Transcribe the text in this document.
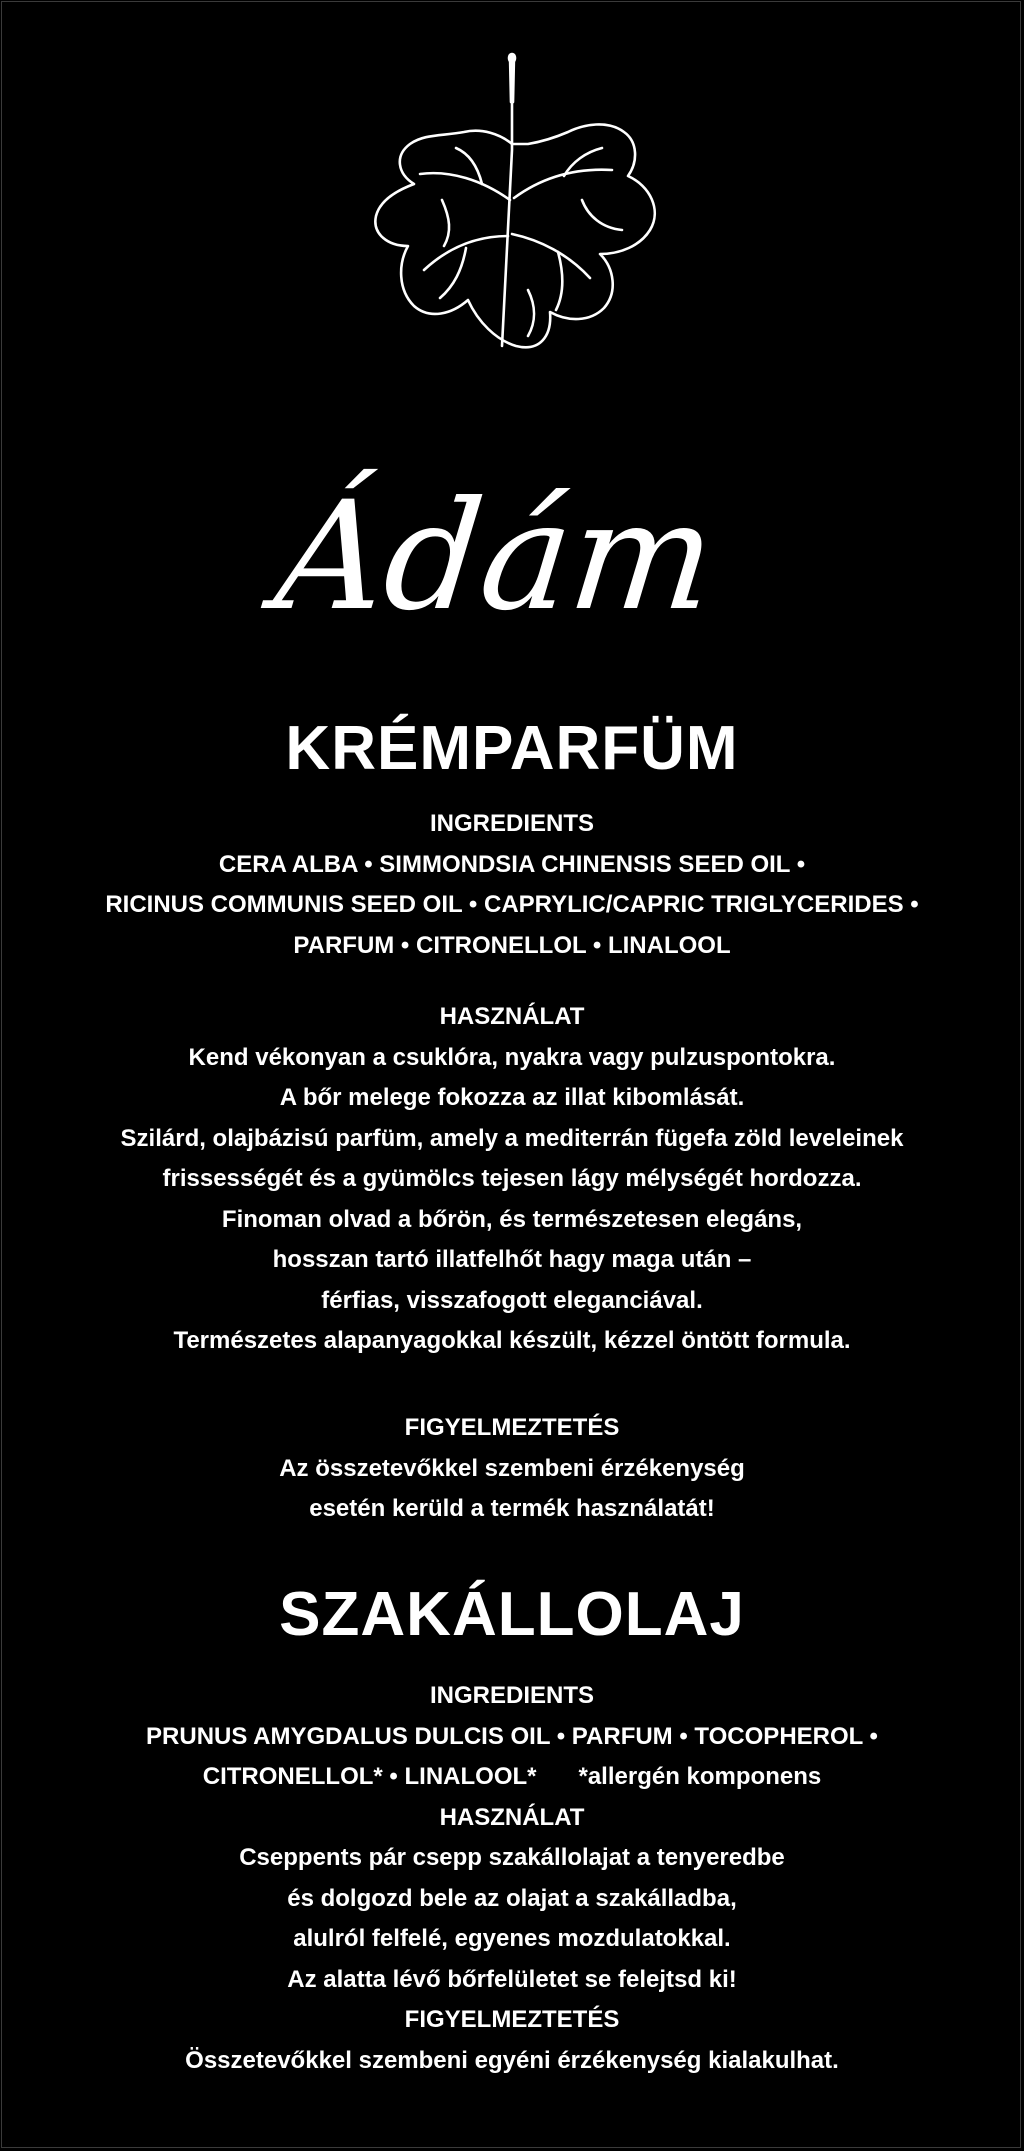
Ádám

KRÉMPARFÜM

INGREDIENTS

CERA ALBA • SIMMONDSIA CHINENSIS SEED OIL •

RICINUS COMMUNIS SEED OIL • CAPRYLIC/CAPRIC TRIGLYCERIDES •

PARFUM • CITRONELLOL • LINALOOL

HASZNÁLAT

Kend vékonyan a csuklóra, nyakra vagy pulzuspontokra.

A bőr melege fokozza az illat kibomlását.

Szilárd, olajbázisú parfüm, amely a mediterrán fügefa zöld leveleinek

frissességét és a gyümölcs tejesen lágy mélységét hordozza.

Finoman olvad a bőrön, és természetesen elegáns,

hosszan tartó illatfelhőt hagy maga után –

férfias, visszafogott eleganciával.

Természetes alapanyagokkal készült, kézzel öntött formula.

FIGYELMEZTETÉS

Az összetevőkkel szembeni érzékenység

esetén kerüld a termék használatát!

SZAKÁLLOLAJ

INGREDIENTS

PRUNUS AMYGDALUS DULCIS OIL • PARFUM • TOCOPHEROL •

CITRONELLOL* • LINALOOL* *allergén komponens

HASZNÁLAT

Cseppents pár csepp szakállolajat a tenyeredbe

és dolgozd bele az olajat a szakálladba,

alulról felfelé, egyenes mozdulatokkal.

Az alatta lévő bőrfelületet se felejtsd ki!

FIGYELMEZTETÉS

Összetevőkkel szembeni egyéni érzékenység kialakulhat.
